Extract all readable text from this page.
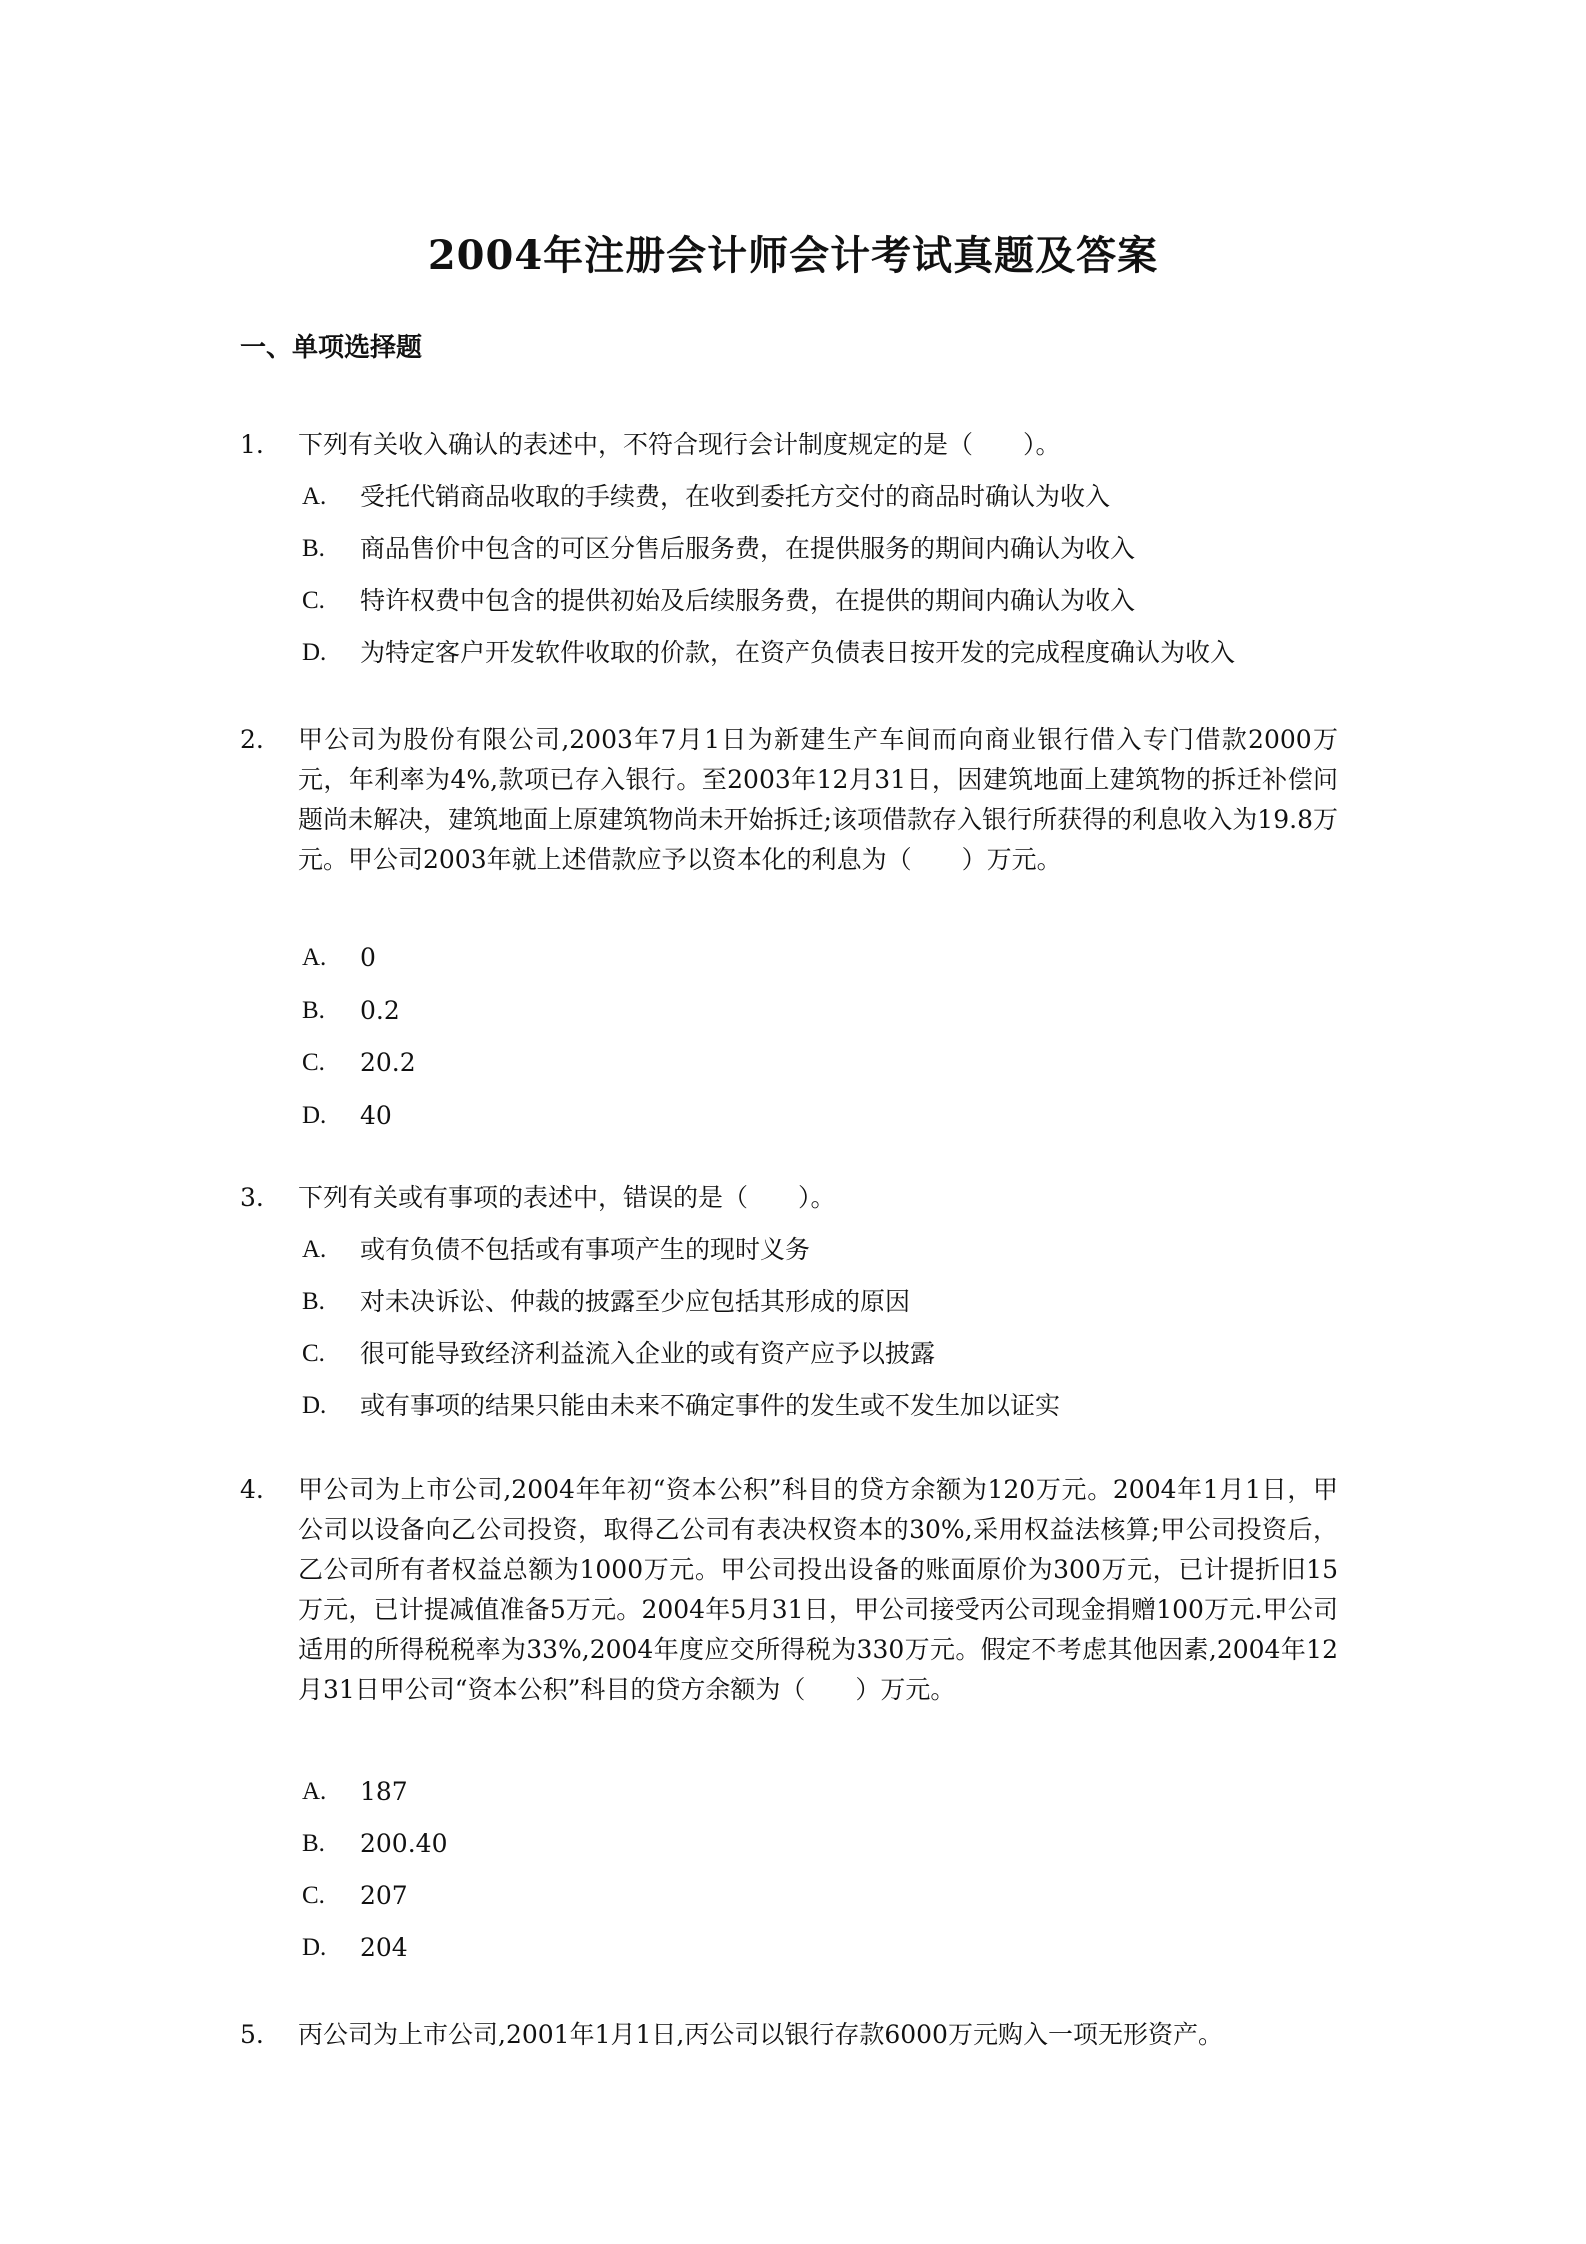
2004年注册会计师会计考试真题及答案
一、单项选择题
1.	下列有关收入确认的表述中，不符合现行会计制度规定的是（　　）。
A.	受托代销商品收取的手续费，在收到委托方交付的商品时确认为收入
B.	商品售价中包含的可区分售后服务费，在提供服务的期间内确认为收入
C.	特许权费中包含的提供初始及后续服务费，在提供的期间内确认为收入
D.	为特定客户开发软件收取的价款，在资产负债表日按开发的完成程度确认为收入
2.	甲公司为股份有限公司,2003年7月1日为新建生产车间而向商业银行借入专门借款2000万元，年利率为4%,款项已存入银行。至2003年12月31日，因建筑地面上建筑物的拆迁补偿问题尚未解决，建筑地面上原建筑物尚未开始拆迁;该项借款存入银行所获得的利息收入为19.8万元。甲公司2003年就上述借款应予以资本化的利息为（　　）万元。
A.	0
B.	0.2
C.	20.2
D.	40
3.	下列有关或有事项的表述中，错误的是（　　）。
A.	或有负债不包括或有事项产生的现时义务
B.	对未决诉讼、仲裁的披露至少应包括其形成的原因
C.	很可能导致经济利益流入企业的或有资产应予以披露
D.	或有事项的结果只能由未来不确定事件的发生或不发生加以证实
4.	甲公司为上市公司,2004年年初“资本公积”科目的贷方余额为120万元。2004年1月1日，甲公司以设备向乙公司投资，取得乙公司有表决权资本的30%,采用权益法核算;甲公司投资后，乙公司所有者权益总额为1000万元。甲公司投出设备的账面原价为300万元，已计提折旧15万元，已计提减值准备5万元。2004年5月31日，甲公司接受丙公司现金捐赠100万元.甲公司适用的所得税税率为33%,2004年度应交所得税为330万元。假定不考虑其他因素,2004年12月31日甲公司“资本公积”科目的贷方余额为（　　）万元。
A.	187
B.	200.40
C.	207
D.	204
5.	丙公司为上市公司,2001年1月1日,丙公司以银行存款6000万元购入一项无形资产。
